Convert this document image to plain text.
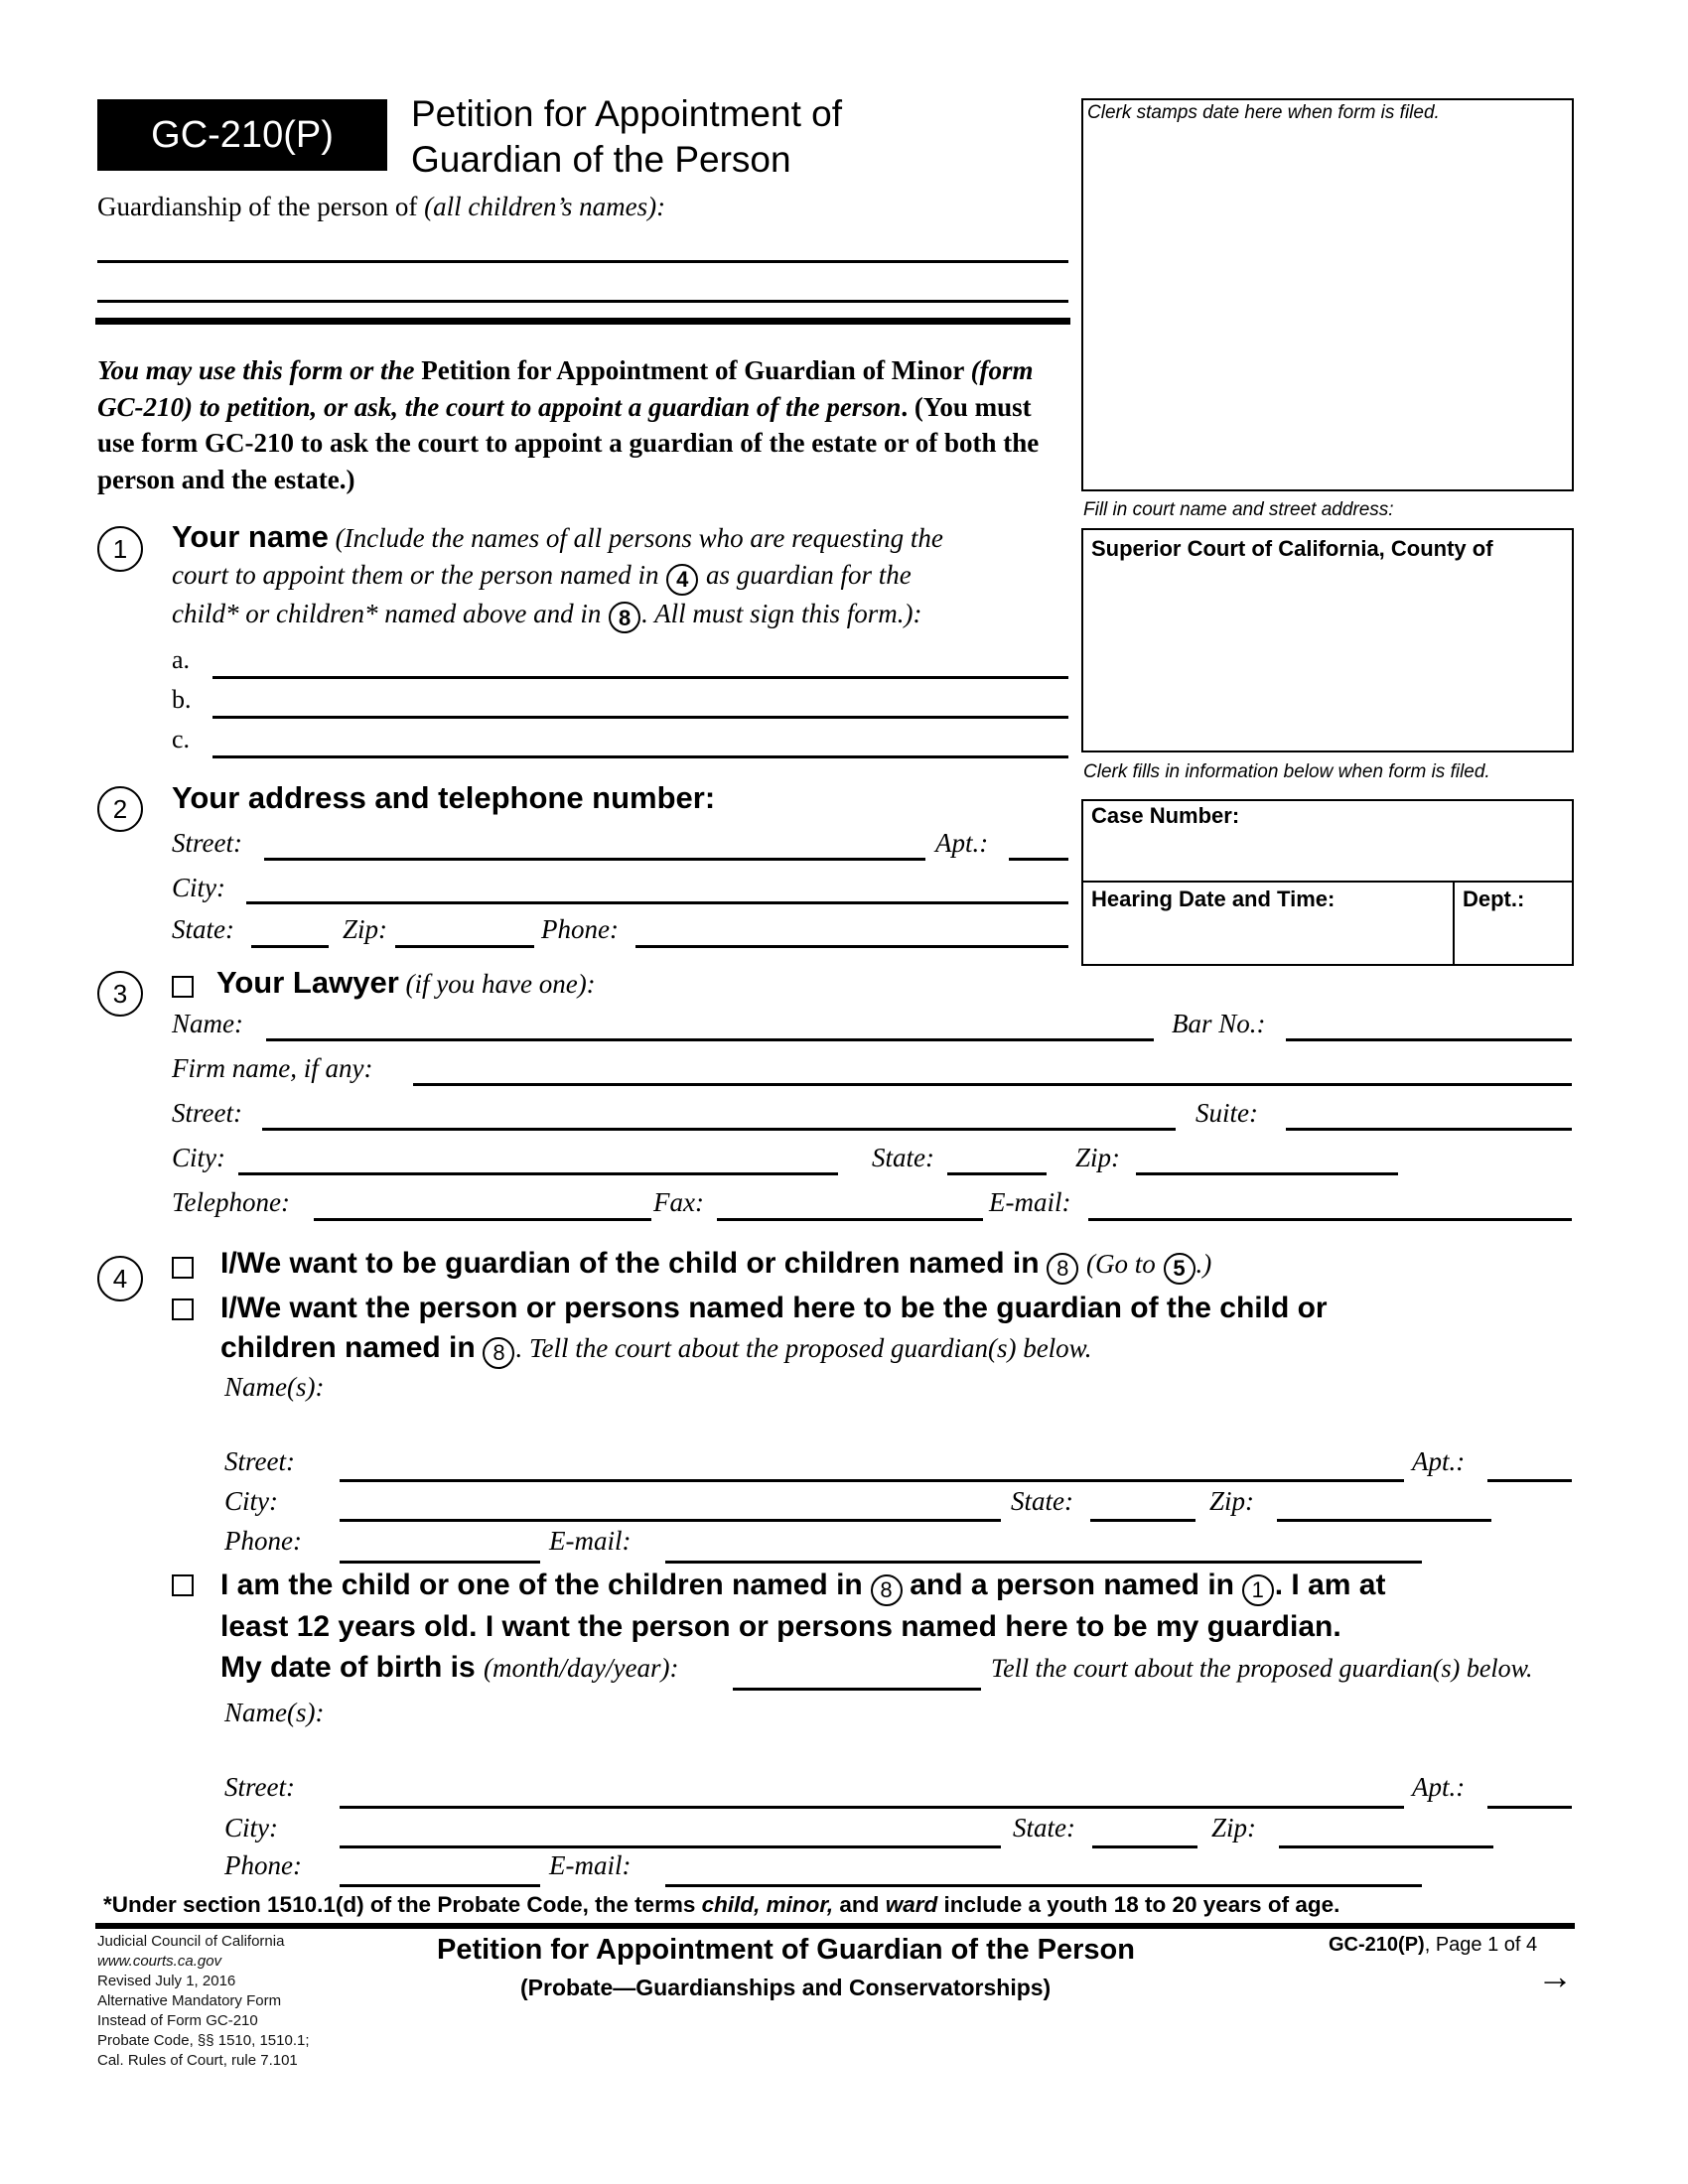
GC-210(P) Petition for Appointment of
Guardian of the Person
Guardianship of the person of (all children’s names):
Clerk stamps date here when form is filed.
Fill in court name and street address:
Superior Court of California, County of
Clerk fills in information below when form is filed.
Case Number:
Hearing Date and Time:	Dept.:
You may use this form or the Petition for Appointment of Guardian of Minor (form GC-210) to petition, or ask, the court to appoint a guardian of the person. (You must use form GC-210 to ask the court to appoint a guardian of the estate or of both the person and the estate.)
1	Your name (Include the names of all persons who are requesting the
court to appoint them or the person named in 4 as guardian for the
child* or children* named above and in 8 . All must sign this form.):
a.
b.
c.
2	Your address and telephone number:
Street:	Apt.:
City:
State:	Zip:	Phone:
3	Your Lawyer (if you have one):
Name:	Bar No.:
Firm name, if any:
Street:	Suite:
City:	State:	Zip:
Telephone:	Fax:	E-mail:
4	I/We want to be guardian of the child or children named in 8 (Go to 5 .)
I/We want the person or persons named here to be the guardian of the child or
children named in 8 . Tell the court about the proposed guardian(s) below.
Name(s):
Street:	Apt.:
City:	State:	Zip:
Phone:	E-mail:
I am the child or one of the children named in 8 and a person named in 1 . I am at
least 12 years old. I want the person or persons named here to be my guardian.
My date of birth is (month/day/year):	Tell the court about the proposed guardian(s) below.
Name(s):
Street:	Apt.:
City:	State:	Zip:
Phone:	E-mail:
*Under section 1510.1(d) of the Probate Code, the terms child, minor, and ward include a youth 18 to 20 years of age.
Judicial Council of California
www.courts.ca.gov
Revised July 1, 2016
Alternative Mandatory Form
Instead of Form GC-210
Probate Code, §§ 1510, 1510.1;
Cal. Rules of Court, rule 7.101
Petition for Appointment of Guardian of the Person
(Probate—Guardianships and Conservatorships)
GC-210(P), Page 1 of 4
→
